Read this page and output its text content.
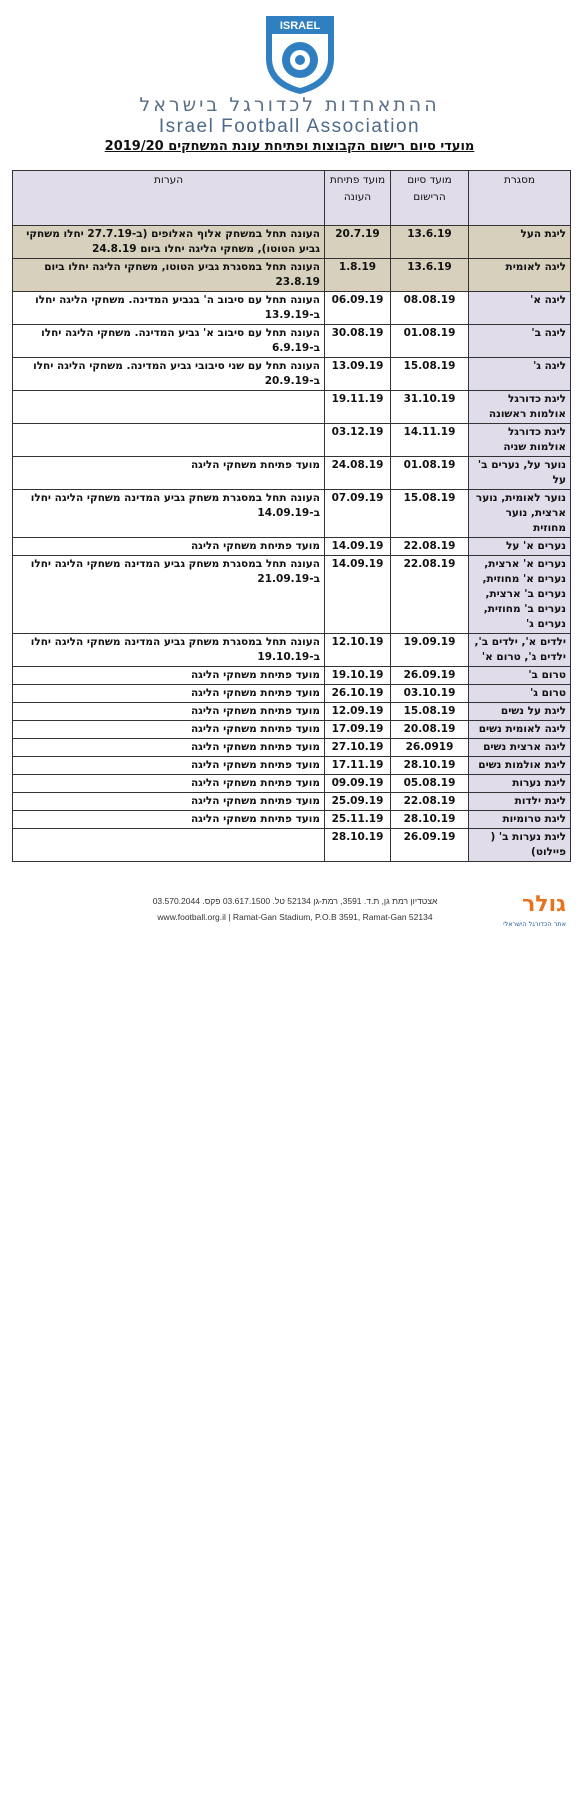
ISRAEL
ההתאחדות לכדורגל בישראל
Israel Football Association
מועדי סיום רישום הקבוצות ופתיחת עונת המשחקים 2019/20
מסגרת	מועד סיום הרישום	מועד פתיחת העונה	הערות
ליגת העל	13.6.19	20.7.19	העונה תחל במשחק אלוף האלופים (ב-27.7.19 יחלו משחקי גביע הטוטו), משחקי הליגה יחלו ביום 24.8.19
ליגה לאומית	13.6.19	1.8.19	העונה תחל במסגרת גביע הטוטו, משחקי הליגה יחלו ביום 23.8.19
ליגה א'	08.08.19	06.09.19	העונה תחל עם סיבוב ה' בגביע המדינה. משחקי הליגה יחלו ב-13.9.19
ליגה ב'	01.08.19	30.08.19	העונה תחל עם סיבוב א' גביע המדינה. משחקי הליגה יחלו ב-6.9.19
ליגה ג'	15.08.19	13.09.19	העונה תחל עם שני סיבובי גביע המדינה. משחקי הליגה יחלו ב-20.9.19
ליגת כדורגל אולמות ראשונה	31.10.19	19.11.19	
ליגת כדורגל אולמות שניה	14.11.19	03.12.19	
נוער על, נערים ב' על	01.08.19	24.08.19	מועד פתיחת משחקי הליגה
נוער לאומית, נוער ארצית, נוער מחוזית	15.08.19	07.09.19	העונה תחל במסגרת משחק גביע המדינה משחקי הליגה יחלו ב-14.09.19
נערים א' על	22.08.19	14.09.19	מועד פתיחת משחקי הליגה
נערים א' ארצית, נערים א' מחוזית, נערים ב' ארצית, נערים ב' מחוזית, נערים ג'	22.08.19	14.09.19	העונה תחל במסגרת משחק גביע המדינה משחקי הליגה יחלו ב-21.09.19
ילדים א', ילדים ב', ילדים ג', טרום א'	19.09.19	12.10.19	העונה תחל במסגרת משחק גביע המדינה משחקי הליגה יחלו ב-19.10.19
טרום ב'	26.09.19	19.10.19	מועד פתיחת משחקי הליגה
טרום ג'	03.10.19	26.10.19	מועד פתיחת משחקי הליגה
ליגת על נשים	15.08.19	12.09.19	מועד פתיחת משחקי הליגה
ליגה לאומית נשים	20.08.19	17.09.19	מועד פתיחת משחקי הליגה
ליגה ארצית נשים	26.0919	27.10.19	מועד פתיחת משחקי הליגה
ליגת אולמות נשים	28.10.19	17.11.19	מועד פתיחת משחקי הליגה
ליגת נערות	05.08.19	09.09.19	מועד פתיחת משחקי הליגה
ליגת ילדות	22.08.19	25.09.19	מועד פתיחת משחקי הליגה
ליגת טרומיות	28.10.19	25.11.19	מועד פתיחת משחקי הליגה
ליגת נערות ב' ( פיילוט)	26.09.19	28.10.19	
אצטדיון רמת גן, ת.ד. 3591, רמת-גן 52134 טל. 03.617.1500 פקס. 03.570.2044
www.football.org.il | Ramat-Gan Stadium, P.O.B 3591, Ramat-Gan 52134	גולר
אתר הכדורגל הישראלי
